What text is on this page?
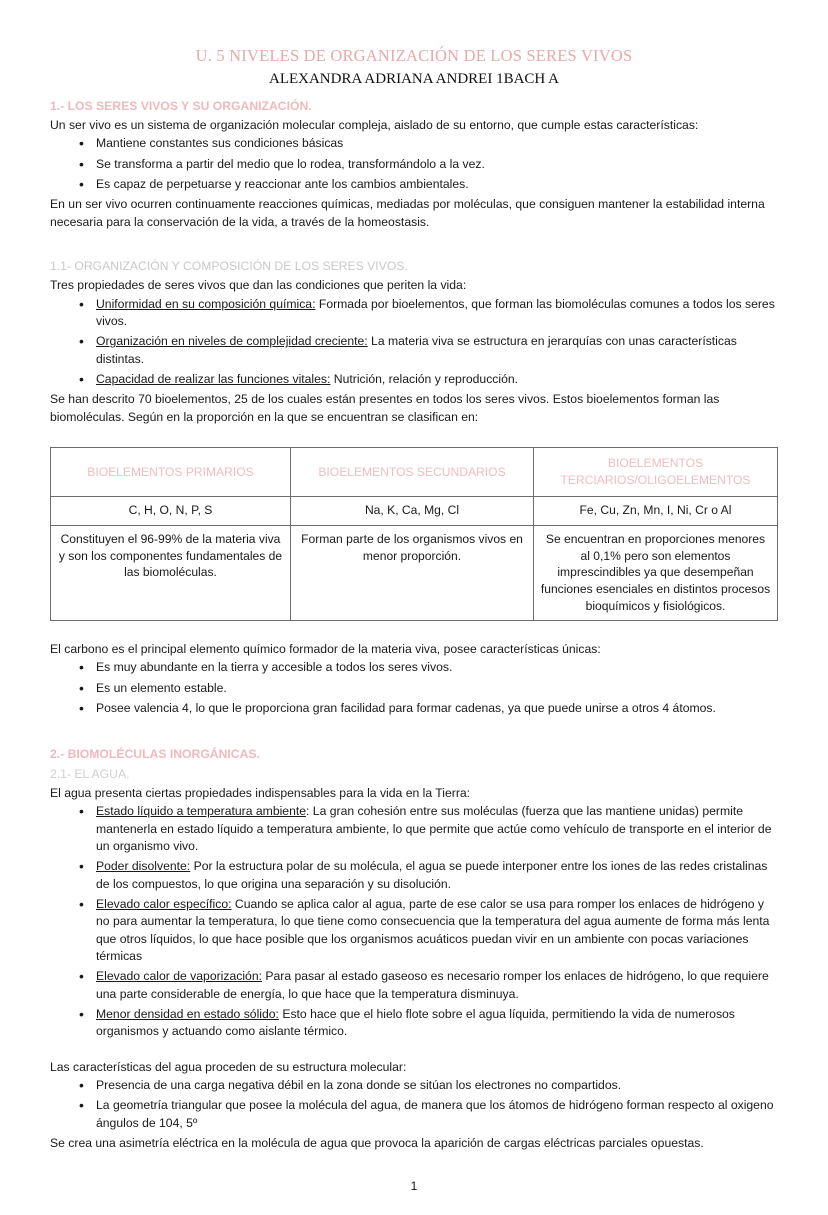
U. 5 NIVELES DE ORGANIZACIÓN DE LOS SERES VIVOS
ALEXANDRA ADRIANA ANDREI 1BACH A
1.- LOS SERES VIVOS Y SU ORGANIZACIÓN.

Un ser vivo es un sistema de organización molecular compleja, aislado de su entorno, que cumple estas características:

• Mantiene constantes sus condiciones básicas
• Se transforma a partir del medio que lo rodea, transformándolo a la vez.
• Es capaz de perpetuarse y reaccionar ante los cambios ambientales.

En un ser vivo ocurren continuamente reacciones químicas, mediadas por moléculas, que consiguen mantener la estabilidad interna necesaria para la conservación de la vida, a través de la homeostasis.

1.1- ORGANIZACIÓN Y COMPOSICIÓN DE LOS SERES VIVOS.

Tres propiedades de seres vivos que dan las condiciones que periten la vida:

• Uniformidad en su composición química: Formada por bioelementos, que forman las biomoléculas comunes a todos los seres vivos.
• Organización en niveles de complejidad creciente: La materia viva se estructura en jerarquías con unas características distintas.
• Capacidad de realizar las funciones vitales: Nutrición, relación y reproducción.

Se han descrito 70 bioelementos, 25 de los cuales están presentes en todos los seres vivos. Estos bioelementos forman las biomoléculas. Según en la proporción en la que se encuentran se clasifican en:

BIOELEMENTOS PRIMARIOS	BIOELEMENTOS SECUNDARIOS	BIOELEMENTOS TERCIARIOS/OLIGOELEMENTOS
C, H, O, N, P, S	Na, K, Ca, Mg, Cl	Fe, Cu, Zn, Mn, I, Ni, Cr o Al
Constituyen el 96-99% de la materia viva y son los componentes fundamentales de las biomoléculas.	Forman parte de los organismos vivos en menor proporción.	Se encuentran en proporciones menores al 0,1% pero son elementos imprescindibles ya que desempeñan funciones esenciales en distintos procesos bioquímicos y fisiológicos.

El carbono es el principal elemento químico formador de la materia viva, posee características únicas:

• Es muy abundante en la tierra y accesible a todos los seres vivos.
• Es un elemento estable.
• Posee valencia 4, lo que le proporciona gran facilidad para formar cadenas, ya que puede unirse a otros 4 átomos.
2.- BIOMOLÉCULAS INORGÁNICAS.
2.1- EL AGUA.

El agua presenta ciertas propiedades indispensables para la vida en la Tierra:

• Estado líquido a temperatura ambiente: La gran cohesión entre sus moléculas (fuerza que las mantiene unidas) permite mantenerla en estado líquido a temperatura ambiente, lo que permite que actúe como vehículo de transporte en el interior de un organismo vivo.
• Poder disolvente: Por la estructura polar de su molécula, el agua se puede interponer entre los iones de las redes cristalinas de los compuestos, lo que origina una separación y su disolución.
• Elevado calor específico: Cuando se aplica calor al agua, parte de ese calor se usa para romper los enlaces de hidrógeno y no para aumentar la temperatura, lo que tiene como consecuencia que la temperatura del agua aumente de forma más lenta que otros líquidos, lo que hace posible que los organismos acuáticos puedan vivir en un ambiente con pocas variaciones térmicas
• Elevado calor de vaporización: Para pasar al estado gaseoso es necesario romper los enlaces de hidrógeno, lo que requiere una parte considerable de energía, lo que hace que la temperatura disminuya.
• Menor densidad en estado sólido: Esto hace que el hielo flote sobre el agua líquida, permitiendo la vida de numerosos organismos y actuando como aislante térmico.

Las características del agua proceden de su estructura molecular:

• Presencia de una carga negativa débil en la zona donde se sitúan los electrones no compartidos.
• La geometría triangular que posee la molécula del agua, de manera que los átomos de hidrógeno forman respecto al oxigeno ángulos de 104, 5º

Se crea una asimetría eléctrica en la molécula de agua que provoca la aparición de cargas eléctricas parciales opuestas.

1
